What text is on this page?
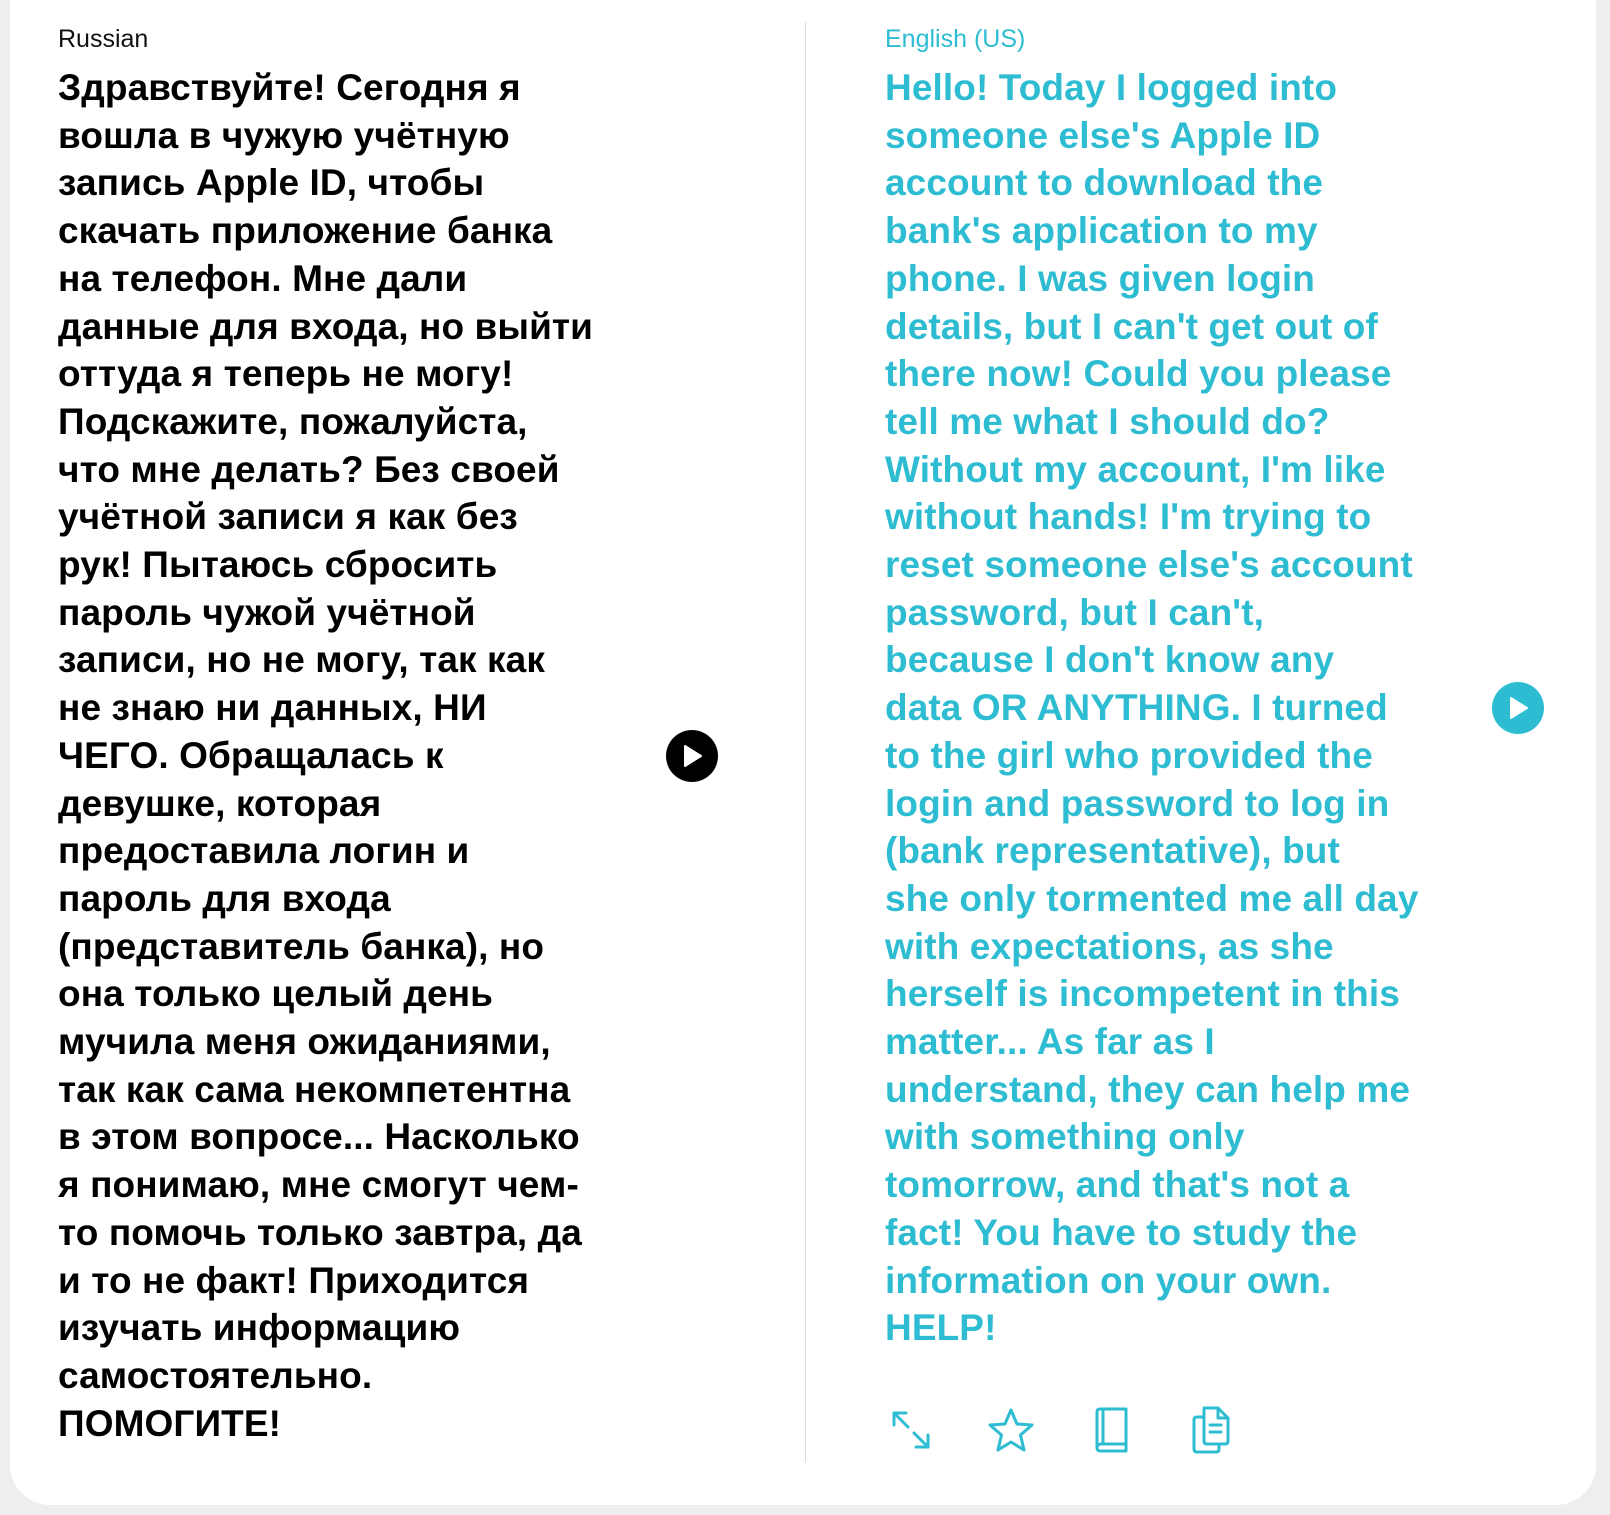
Russian
Здравствуйте! Сегодня я
вошла в чужую учётную
запись Apple ID, чтобы
скачать приложение банка
на телефон. Мне дали
данные для входа, но выйти
оттуда я теперь не могу!
Подскажите, пожалуйста,
что мне делать? Без своей
учётной записи я как без
рук! Пытаюсь сбросить
пароль чужой учётной
записи, но не могу, так как
не знаю ни данных, НИ
ЧЕГО. Обращалась к
девушке, которая
предоставила логин и
пароль для входа
(представитель банка), но
она только целый день
мучила меня ожиданиями,
так как сама некомпетентна
в этом вопросе... Насколько
я понимаю, мне смогут чем-
то помочь только завтра, да
и то не факт! Приходится
изучать информацию
самостоятельно.
ПОМОГИТЕ!
English (US)
Hello! Today I logged into
someone else's Apple ID
account to download the
bank's application to my
phone. I was given login
details, but I can't get out of
there now! Could you please
tell me what I should do?
Without my account, I'm like
without hands! I'm trying to
reset someone else's account
password, but I can't,
because I don't know any
data OR ANYTHING. I turned
to the girl who provided the
login and password to log in
(bank representative), but
she only tormented me all day
with expectations, as she
herself is incompetent in this
matter... As far as I
understand, they can help me
with something only
tomorrow, and that's not a
fact! You have to study the
information on your own.
HELP!
